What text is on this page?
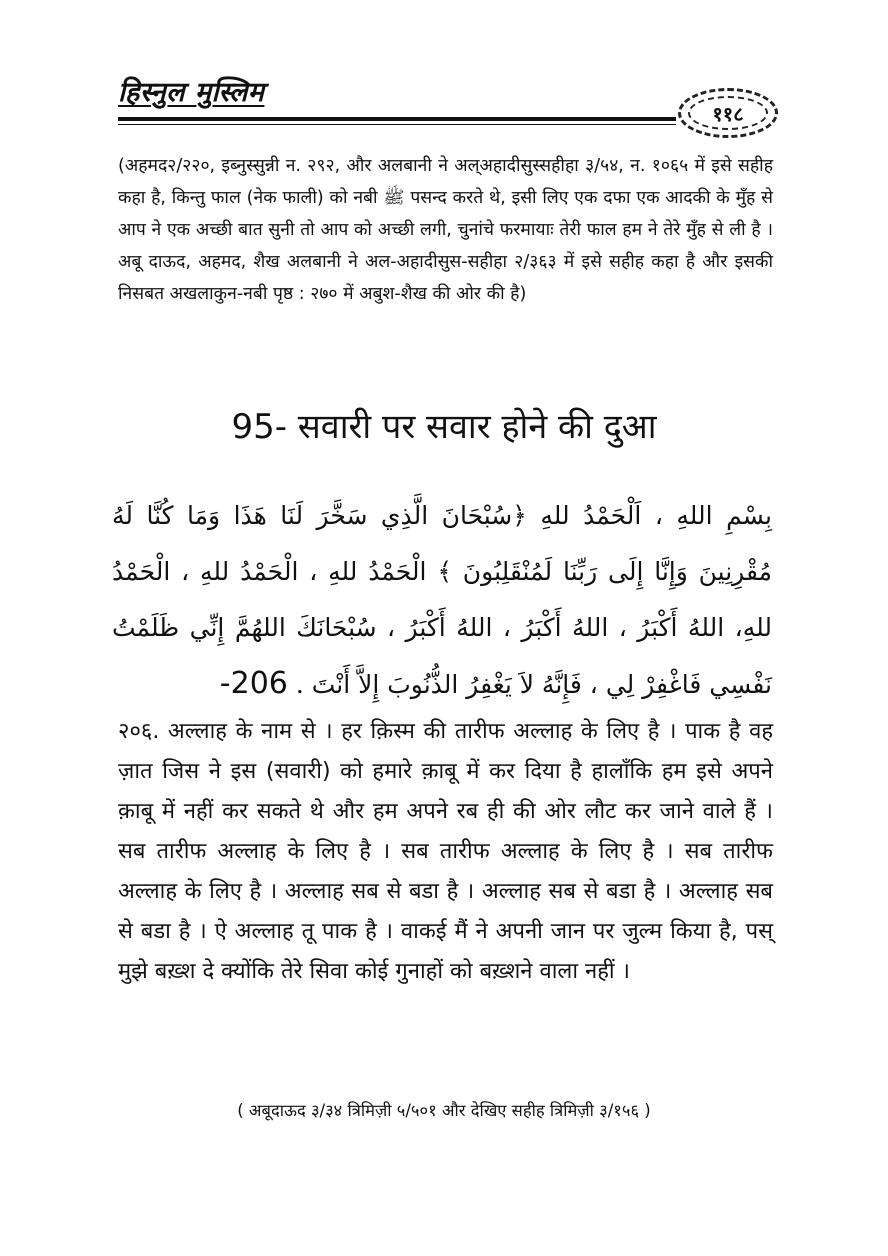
हिस्नुल मुस्लिम
११८
(अहमद२/२२०, इब्नुस्सुन्नी न. २९२, और अलबानी ने अल्अहादीसुस्सहीहा ३/५४, न. १०६५ में इसे सहीह कहा है, किन्तु फाल (नेक फाली) को नबी ﷺ पसन्द करते थे, इसी लिए एक दफा एक आदकी के मुँह से आप ने एक अच्छी बात सुनी तो आप को अच्छी लगी, चुनांचे फरमायाः तेरी फाल हम ने तेरे मुँह से ली है । अबू दाऊद, अहमद, शैख अलबानी ने अल-अहादीसुस-सहीहा २/३६३ में इसे सहीह कहा है और इसकी निसबत अखलाकुन-नबी पृष्ठ : २७० में अबुश-शैख की ओर की है)
95- सवारी पर सवार होने की दुआ
بِسْمِ اللهِ ، اَلْحَمْدُ للهِ ﴿سُبْحَانَ الَّذِي سَخَّرَ لَنَا هَذَا وَمَا كُنَّا لَهُ مُقْرِنِينَ وَإِنَّا إِلَى رَبِّنَا لَمُنْقَلِبُونَ ﴾ الْحَمْدُ للهِ ، الْحَمْدُ للهِ ، الْحَمْدُ للهِ، اللهُ أَكْبَرُ ، اللهُ أَكْبَرُ ، اللهُ أَكْبَرُ ، سُبْحَانَكَ اللهُمَّ إِنِّي ظَلَمْتُ نَفْسِي فَاغْفِرْ لِي ، فَإِنَّهُ لاَ يَغْفِرُ الذُّنُوبَ إِلاَّ أَنْتَ . 206-
२०६. अल्लाह के नाम से । हर क़िस्म की तारीफ अल्लाह के लिए है । पाक है वह ज़ात जिस ने इस (सवारी) को हमारे क़ाबू में कर दिया है हालाँकि हम इसे अपने क़ाबू में नहीं कर सकते थे और हम अपने रब ही की ओर लौट कर जाने वाले हैं । सब तारीफ अल्लाह के लिए है । सब तारीफ अल्लाह के लिए है । सब तारीफ अल्लाह के लिए है । अल्लाह सब से बडा है । अल्लाह सब से बडा है । अल्लाह सब से बडा है । ऐ अल्लाह तू पाक है । वाकई मैं ने अपनी जान पर जुल्म किया है, पस् मुझे बख़्श दे क्योंकि तेरे सिवा कोई गुनाहों को बख़्शने वाला नहीं ।
( अबूदाऊद ३/३४ त्रिमिज़ी ५/५०१ और देखिए सहीह त्रिमिज़ी ३/१५६ )
